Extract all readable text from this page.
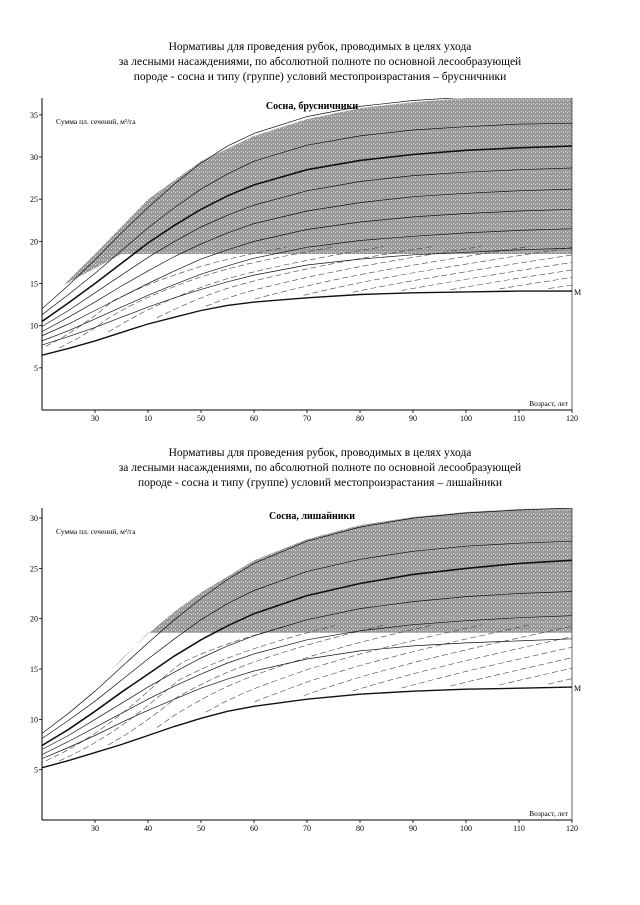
Нормативы для проведения рубок, проводимых в целях ухода
за лесными насаждениями, по абсолютной полноте по основной лесообразующей
породе - сосна и типу (группе) условий местопроизрастания – брусничники
5
10
15
20
25
30
35
30	10	50	60	70	80	90	100	110	120
Сосна, брусничники
Сумма пл. сечений, м²/га
Возраст, лет
M
Нормативы для проведения рубок, проводимых в целях ухода
за лесными насаждениями, по абсолютной полноте по основной лесообразующей
породе - сосна и типу (группе) условий местопроизрастания – лишайники
5
10
15
20
25
30
30	40	50	60	70	80	90	100	110	120
Сосна, лишайники
Сумма пл. сечений, м²/га
Возраст, лет
M
